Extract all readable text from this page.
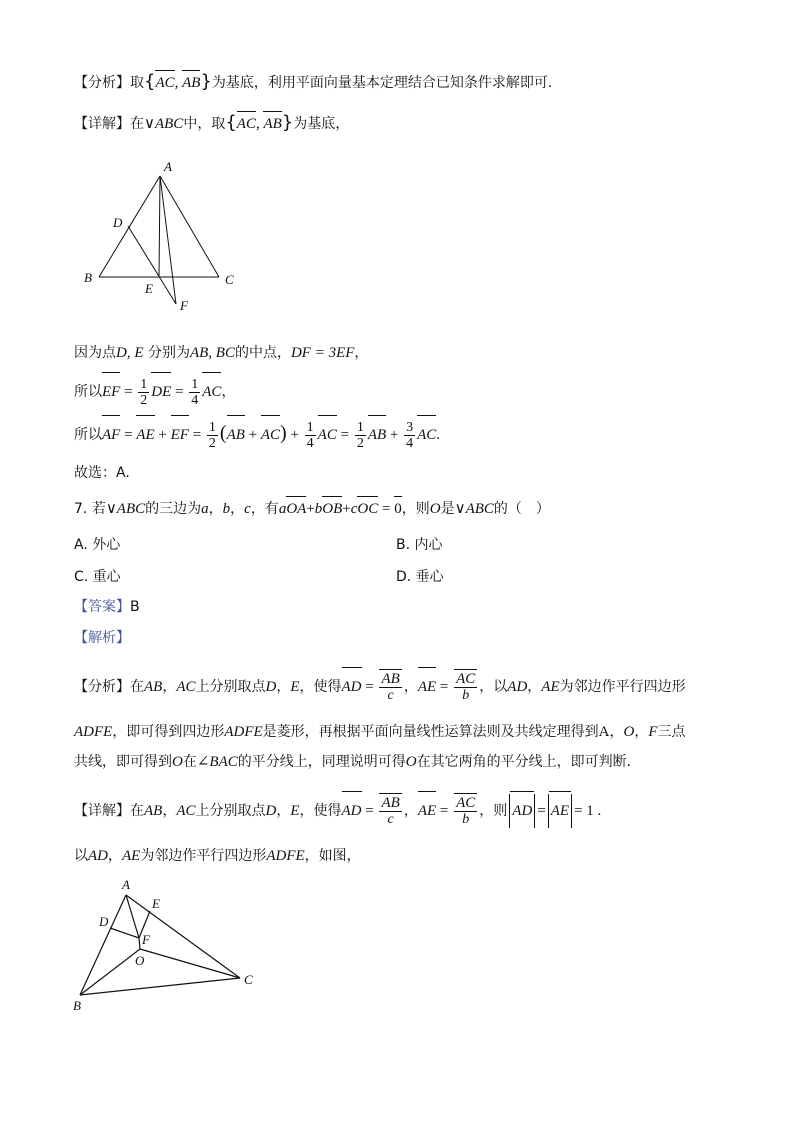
【分析】取{AC, AB}为基底，利用平面向量基本定理结合已知条件求解即可.
【详解】在∨ABC中，取{AC, AB}为基底，
A
B	C
D
E
F
因为点D, E 分别为AB, BC的中点，DF = 3EF，
所以EF = $\frac{1}{2}$ DE = $\frac{1}{4}$ AC，
所以AF = AE + EF = $\frac{1}{2} (AB + AC) + \frac{1}{4}$ AC = $\frac{1}{2}$ AB + $\frac{3}{4}$ AC.
故选：A.
7. 若∨ABC的三边为a，b，c，有aOA+bOB+cOC = 0，则O是∨ABC的（　）
A. 外心	B. 内心
C. 重心	D. 垂心
【答案】B
【解析】
【分析】在AB，AC上分别取点D，E，使得AD = $\frac{AB}{c}$ ，AE = $\frac{AC}{b}$ ，以AD，AE为邻边作平行四边形
ADFE，即可得到四边形ADFE是菱形，再根据平面向量线性运算法则及共线定理得到A，O，F三点
共线，即可得到O在∠BAC的平分线上，同理说明可得O在其它两角的平分线上，即可判断.
【详解】在AB，AC上分别取点D，E，使得AD = $\frac{AB}{c}$ ，AE = $\frac{AC}{b}$ ，则 AD = AE = 1 .
以AD，AE为邻边作平行四边形ADFE，如图，
A
D
E
F
O
C
B
